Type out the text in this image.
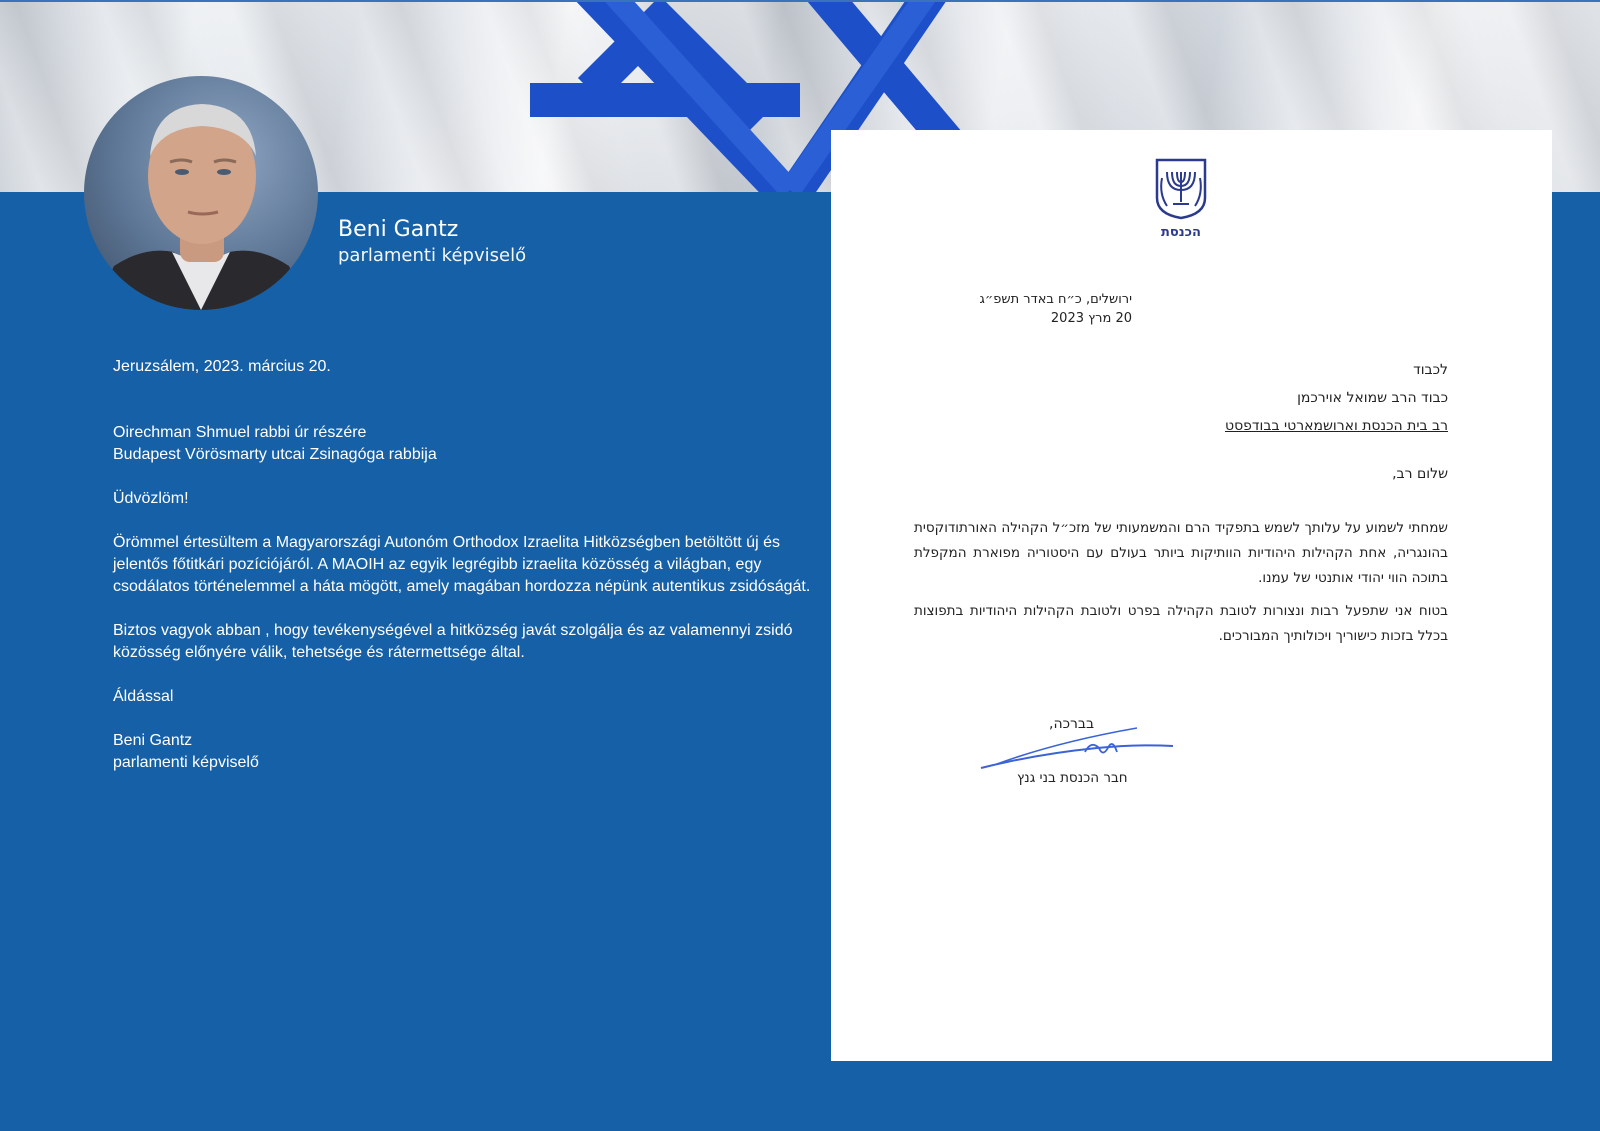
Beni Gantz
parlamenti képviselő

Jeruzsálem, 2023. március 20.

Oirechman Shmuel rabbi úr részére

Budapest Vörösmarty utcai Zsinagóga rabbija

Üdvözlöm!

Örömmel értesültem a Magyarországi Autonóm Orthodox Izraelita Hitközségben betöltött új és jelentős főtitkári pozíciójáról. A MAOIH az egyik legrégibb izraelita közösség a világban, egy csodálatos történelemmel a háta mögött, amely magában hordozza népünk autentikus zsidóságát.

Biztos vagyok abban , hogy tevékenységével a hitközség javát szolgálja és az valamennyi zsidó közösség előnyére válik, tehetsége és rátermettsége által.

Áldással

Beni Gantz

parlamenti képviselő

הכנסת
ירושלים, כ״ח באדר תשפ״ג
20 מרץ 2023
לכבוד
כבוד הרב שמואל אוירכמן
רב בית הכנסת וארושמארטי בבודפסט
שלום רב,

שמחתי לשמוע על עלותך לשמש בתפקיד הרם והמשמעותי של מזכ״ל הקהילה האורתודוקסית בהונגריה, אחת הקהילות היהודיות הוותיקות ביותר בעולם עם היסטוריה מפוארת המקפלת בתוכה הווי יהודי אותנטי של עמנו.

בטוח אני שתפעל רבות ונצורות לטובת הקהילה בפרט ולטובת הקהילות היהודיות בתפוצות בכלל בזכות כישוריך ויכולותיך המבורכים.

בברכה,
חבר הכנסת בני גנץ
